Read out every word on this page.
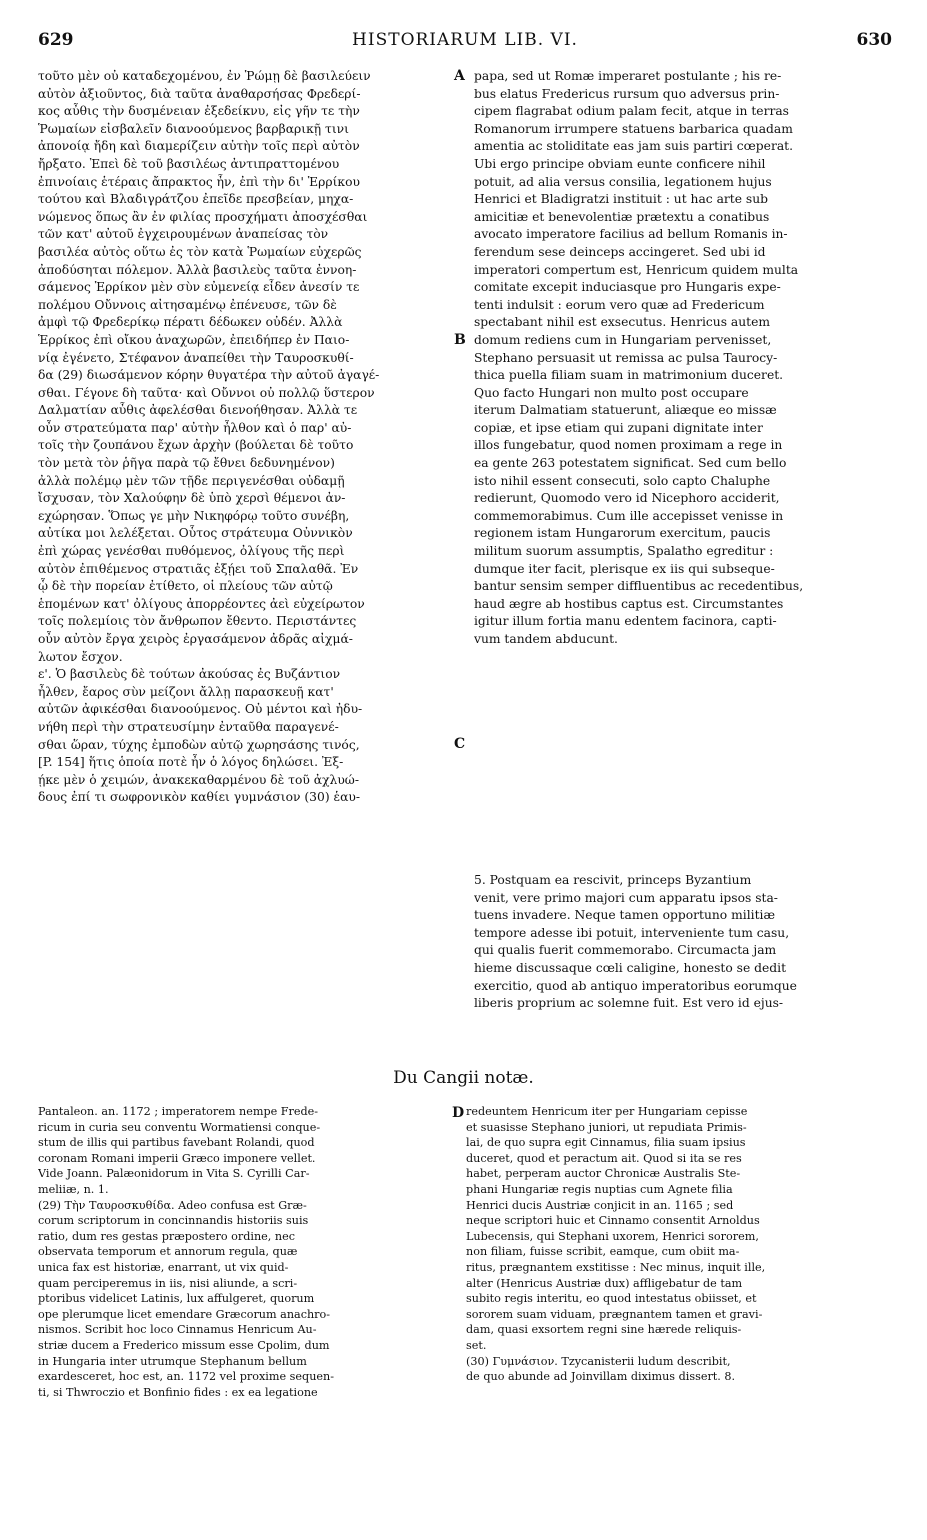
629	HISTORIARUM LIB. VI.	630
τοῦτο μὲν οὐ καταδεχομένου, ἐν Ῥώμῃ δὲ βασιλεύειν
αὐτὸν ἀξιοῦντος, διὰ ταῦτα ἀναθαρσήσας Φρεδερί-
κος αὖθις τὴν δυσμένειαν ἐξεδείκνυ, εἰς γῆν τε τὴν
Ῥωμαίων εἰσβαλεῖν διανοούμενος βαρβαρικῇ τινι
ἀπονοίᾳ ἤδη καὶ διαμερίζειν αὐτὴν τοῖς περὶ αὐτὸν
ἤρξατο. Ἐπεὶ δὲ τοῦ βασιλέως ἀντιπραττομένου
ἐπινοίαις ἑτέραις ἄπρακτος ἦν, ἐπὶ τὴν δι' Ἑρρίκου
τούτου καὶ Βλαδιγράτζου ἐπεῖδε πρεσβείαν, μηχα-
νώμενος ὅπως ἂν ἐν φιλίας προσχήματι ἀποσχέσθαι
τῶν κατ' αὐτοῦ ἐγχειρουμένων ἀναπείσας τὸν
βασιλέα αὐτὸς οὕτω ἐς τὸν κατὰ Ῥωμαίων εὐχερῶς
ἀποδύσηται πόλεμον. Ἀλλὰ βασιλεὺς ταῦτα ἐννοη-
σάμενος Ἑρρίκον μὲν σὺν εὐμενείᾳ εἶδεν ἀνεσίν τε
πολέμου Οὔννοις αἰτησαμένῳ ἐπένευσε, τῶν δὲ
ἀμφὶ τῷ Φρεδερίκῳ πέρατι δέδωκεν οὐδέν. Ἀλλὰ
Ἑρρίκος ἐπὶ οἴκου ἀναχωρῶν, ἐπειδήπερ ἐν Παιο-
νίᾳ ἐγένετο, Στέφανον ἀναπείθει τὴν Ταυροσκυθί-
δα (29) διωσάμενον κόρην θυγατέρα τὴν αὐτοῦ ἀγαγέ-
σθαι. Γέγονε δὴ ταῦτα· καὶ Οὔννοι οὐ πολλῷ ὕστερον
Δαλματίαν αὖθις ἀφελέσθαι διενοήθησαν. Ἀλλὰ τε
οὖν στρατεύματα παρ' αὐτὴν ἦλθον καὶ ὁ παρ' αὐ-
τοῖς τὴν ζουπάνου ἔχων ἀρχὴν (βούλεται δὲ τοῦτο
τὸν μετὰ τὸν ῥῆγα παρὰ τῷ ἔθνει δεδυνημένον)
ἀλλὰ πολέμῳ μὲν τῶν τῇδε περιγενέσθαι οὐδαμῇ
ἴσχυσαν, τὸν Χαλούφην δὲ ὑπὸ χερσὶ θέμενοι ἀν-
εχώρησαν. Ὅπως γε μὴν Νικηφόρῳ τοῦτο συνέβη,
αὐτίκα μοι λελέξεται. Οὗτος στράτευμα Οὐννικὸν
ἐπὶ χώρας γενέσθαι πυθόμενος, ὀλίγους τῆς περὶ
αὐτὸν ἐπιθέμενος στρατιᾶς ἐξῄει τοῦ Σπαλαθᾶ. Ἐν
ᾧ δὲ τὴν πορείαν ἐτίθετο, οἱ πλείους τῶν αὐτῷ
ἑπομένων κατ' ὀλίγους ἀπορρέοντες ἀεὶ εὐχείρωτον
τοῖς πολεμίοις τὸν ἄνθρωπον ἔθεντο. Περιστάντες
οὖν αὐτὸν ἔργα χειρὸς ἐργασάμενον ἀδρᾶς αἰχμά-
λωτον ἔσχον.
ε'. Ὁ βασιλεὺς δὲ τούτων ἀκούσας ἐς Βυζάντιον
ἦλθεν, ἔαρος σὺν μείζονι ἄλλῃ παρασκευῇ κατ'
αὐτῶν ἀφικέσθαι διανοούμενος. Οὐ μέντοι καὶ ἠδυ-
νήθη περὶ τὴν στρατευσίμην ἐνταῦθα παραγενέ-
σθαι ὥραν, τύχης ἐμποδὼν αὐτῷ χωρησάσης τινός,
[P. 154] ἥτις ὁποία ποτὲ ἦν ὁ λόγος δηλώσει. Ἐξ-
ῄκε μὲν ὁ χειμών, ἀνακεκαθαρμένου δὲ τοῦ ἀχλυώ-
δους ἐπί τι σωφρονικὸν καθίει γυμνάσιον (30) ἑαυ-
papa, sed ut Romæ imperaret postulante ; his re-
bus elatus Fredericus rursum quo adversus prin-
cipem flagrabat odium palam fecit, atque in terras
Romanorum irrumpere statuens barbarica quadam
amentia ac stoliditate eas jam suis partiri cœperat.
Ubi ergo principe obviam eunte conficere nihil
potuit, ad alia versus consilia, legationem hujus
Henrici et Bladigratzi instituit : ut hac arte sub
amicitiæ et benevolentiæ prætextu a conatibus
avocato imperatore facilius ad bellum Romanis in-
ferendum sese deinceps accingeret. Sed ubi id
imperatori compertum est, Henricum quidem multa
comitate excepit induciasque pro Hungaris expe-
tenti indulsit : eorum vero quæ ad Fredericum
spectabant nihil est exsecutus. Henricus autem
domum rediens cum in Hungariam pervenisset,
Stephano persuasit ut remissa ac pulsa Taurocy-
thica puella filiam suam in matrimonium duceret.
Quo facto Hungari non multo post occupare
iterum Dalmatiam statuerunt, aliæque eo missæ
copiæ, et ipse etiam qui zupani dignitate inter
illos fungebatur, quod nomen proximam a rege in
ea gente 263 potestatem significat. Sed cum bello
isto nihil essent consecuti, solo capto Chaluphe
redierunt, Quomodo vero id Nicephoro acciderit,
commemorabimus. Cum ille accepisset venisse in
regionem istam Hungarorum exercitum, paucis
militum suorum assumptis, Spalatho egreditur :
dumque iter facit, plerisque ex iis qui subseque-
bantur sensim semper diffluentibus ac recedentibus,
haud ægre ab hostibus captus est. Circumstantes
igitur illum fortia manu edentem facinora, capti-
vum tandem abducunt.
5. Postquam ea rescivit, princeps Byzantium
venit, vere primo majori cum apparatu ipsos sta-
tuens invadere. Neque tamen opportuno militiæ
tempore adesse ibi potuit, interveniente tum casu,
qui qualis fuerit commemorabo. Circumacta jam
hieme discussaque cœli caligine, honesto se dedit
exercitio, quod ab antiquo imperatoribus eorumque
liberis proprium ac solemne fuit. Est vero id ejus-
A
B
C
D
Du Cangii notæ.
Pantaleon. an. 1172 ; imperatorem nempe Frede-
ricum in curia seu conventu Wormatiensi conque-
stum de illis qui partibus favebant Rolandi, quod
coronam Romani imperii Græco imponere vellet.
Vide Joann. Palæonidorum in Vita S. Cyrilli Car-
meliiæ, n. 1.
(29) Τὴν Ταυροσκυθίδα. Adeo confusa est Græ-
corum scriptorum in concinnandis historiis suis
ratio, dum res gestas præpostero ordine, nec
observata temporum et annorum regula, quæ
unica fax est historiæ, enarrant, ut vix quid-
quam perciperemus in iis, nisi aliunde, a scri-
ptoribus videlicet Latinis, lux affulgeret, quorum
ope plerumque licet emendare Græcorum anachro-
nismos. Scribit hoc loco Cinnamus Henricum Au-
striæ ducem a Frederico missum esse Cpolim, dum
in Hungaria inter utrumque Stephanum bellum
exardesceret, hoc est, an. 1172 vel proxime sequen-
ti, si Thwroczio et Bonfinio fides : ex ea legatione
redeuntem Henricum iter per Hungariam cepisse
et suasisse Stephano juniori, ut repudiata Primis-
lai, de quo supra egit Cinnamus, filia suam ipsius
duceret, quod et peractum ait. Quod si ita se res
habet, perperam auctor Chronicæ Australis Ste-
phani Hungariæ regis nuptias cum Agnete filia
Henrici ducis Austriæ conjicit in an. 1165 ; sed
neque scriptori huic et Cinnamo consentit Arnoldus
Lubecensis, qui Stephani uxorem, Henrici sororem,
non filiam, fuisse scribit, eamque, cum obiit ma-
ritus, prægnantem exstitisse : Nec minus, inquit ille,
alter (Henricus Austriæ dux) affligebatur de tam
subito regis interitu, eo quod intestatus obiisset, et
sororem suam viduam, prægnantem tamen et gravi-
dam, quasi exsortem regni sine hærede reliquis-
set.
(30) Γυμνάσιον. Tzycanisterii ludum describit,
de quo abunde ad Joinvillam diximus dissert. 8.
